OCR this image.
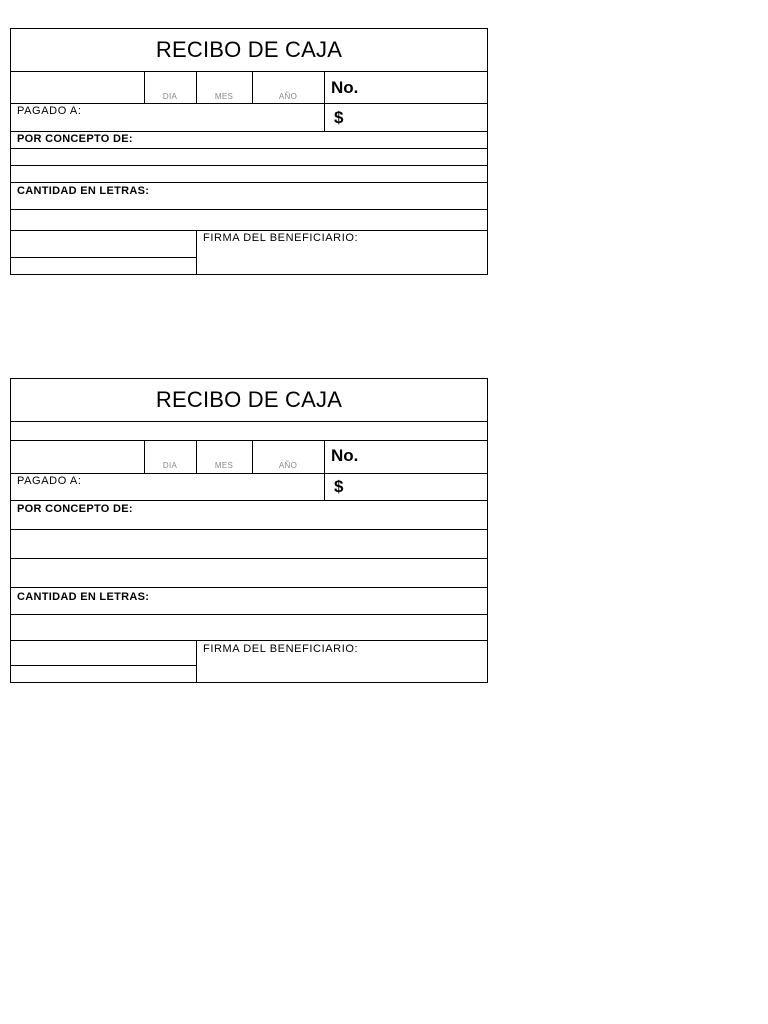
RECIBO DE CAJA
DIA	MES	AÑO	No.
PAGADO A:	$
POR CONCEPTO DE:
CANTIDAD EN LETRAS:
FIRMA DEL BENEFICIARIO:
RECIBO DE CAJA
DIA	MES	AÑO
No.
PAGADO A:	$
POR CONCEPTO DE:
CANTIDAD EN LETRAS:
FIRMA DEL BENEFICIARIO:
